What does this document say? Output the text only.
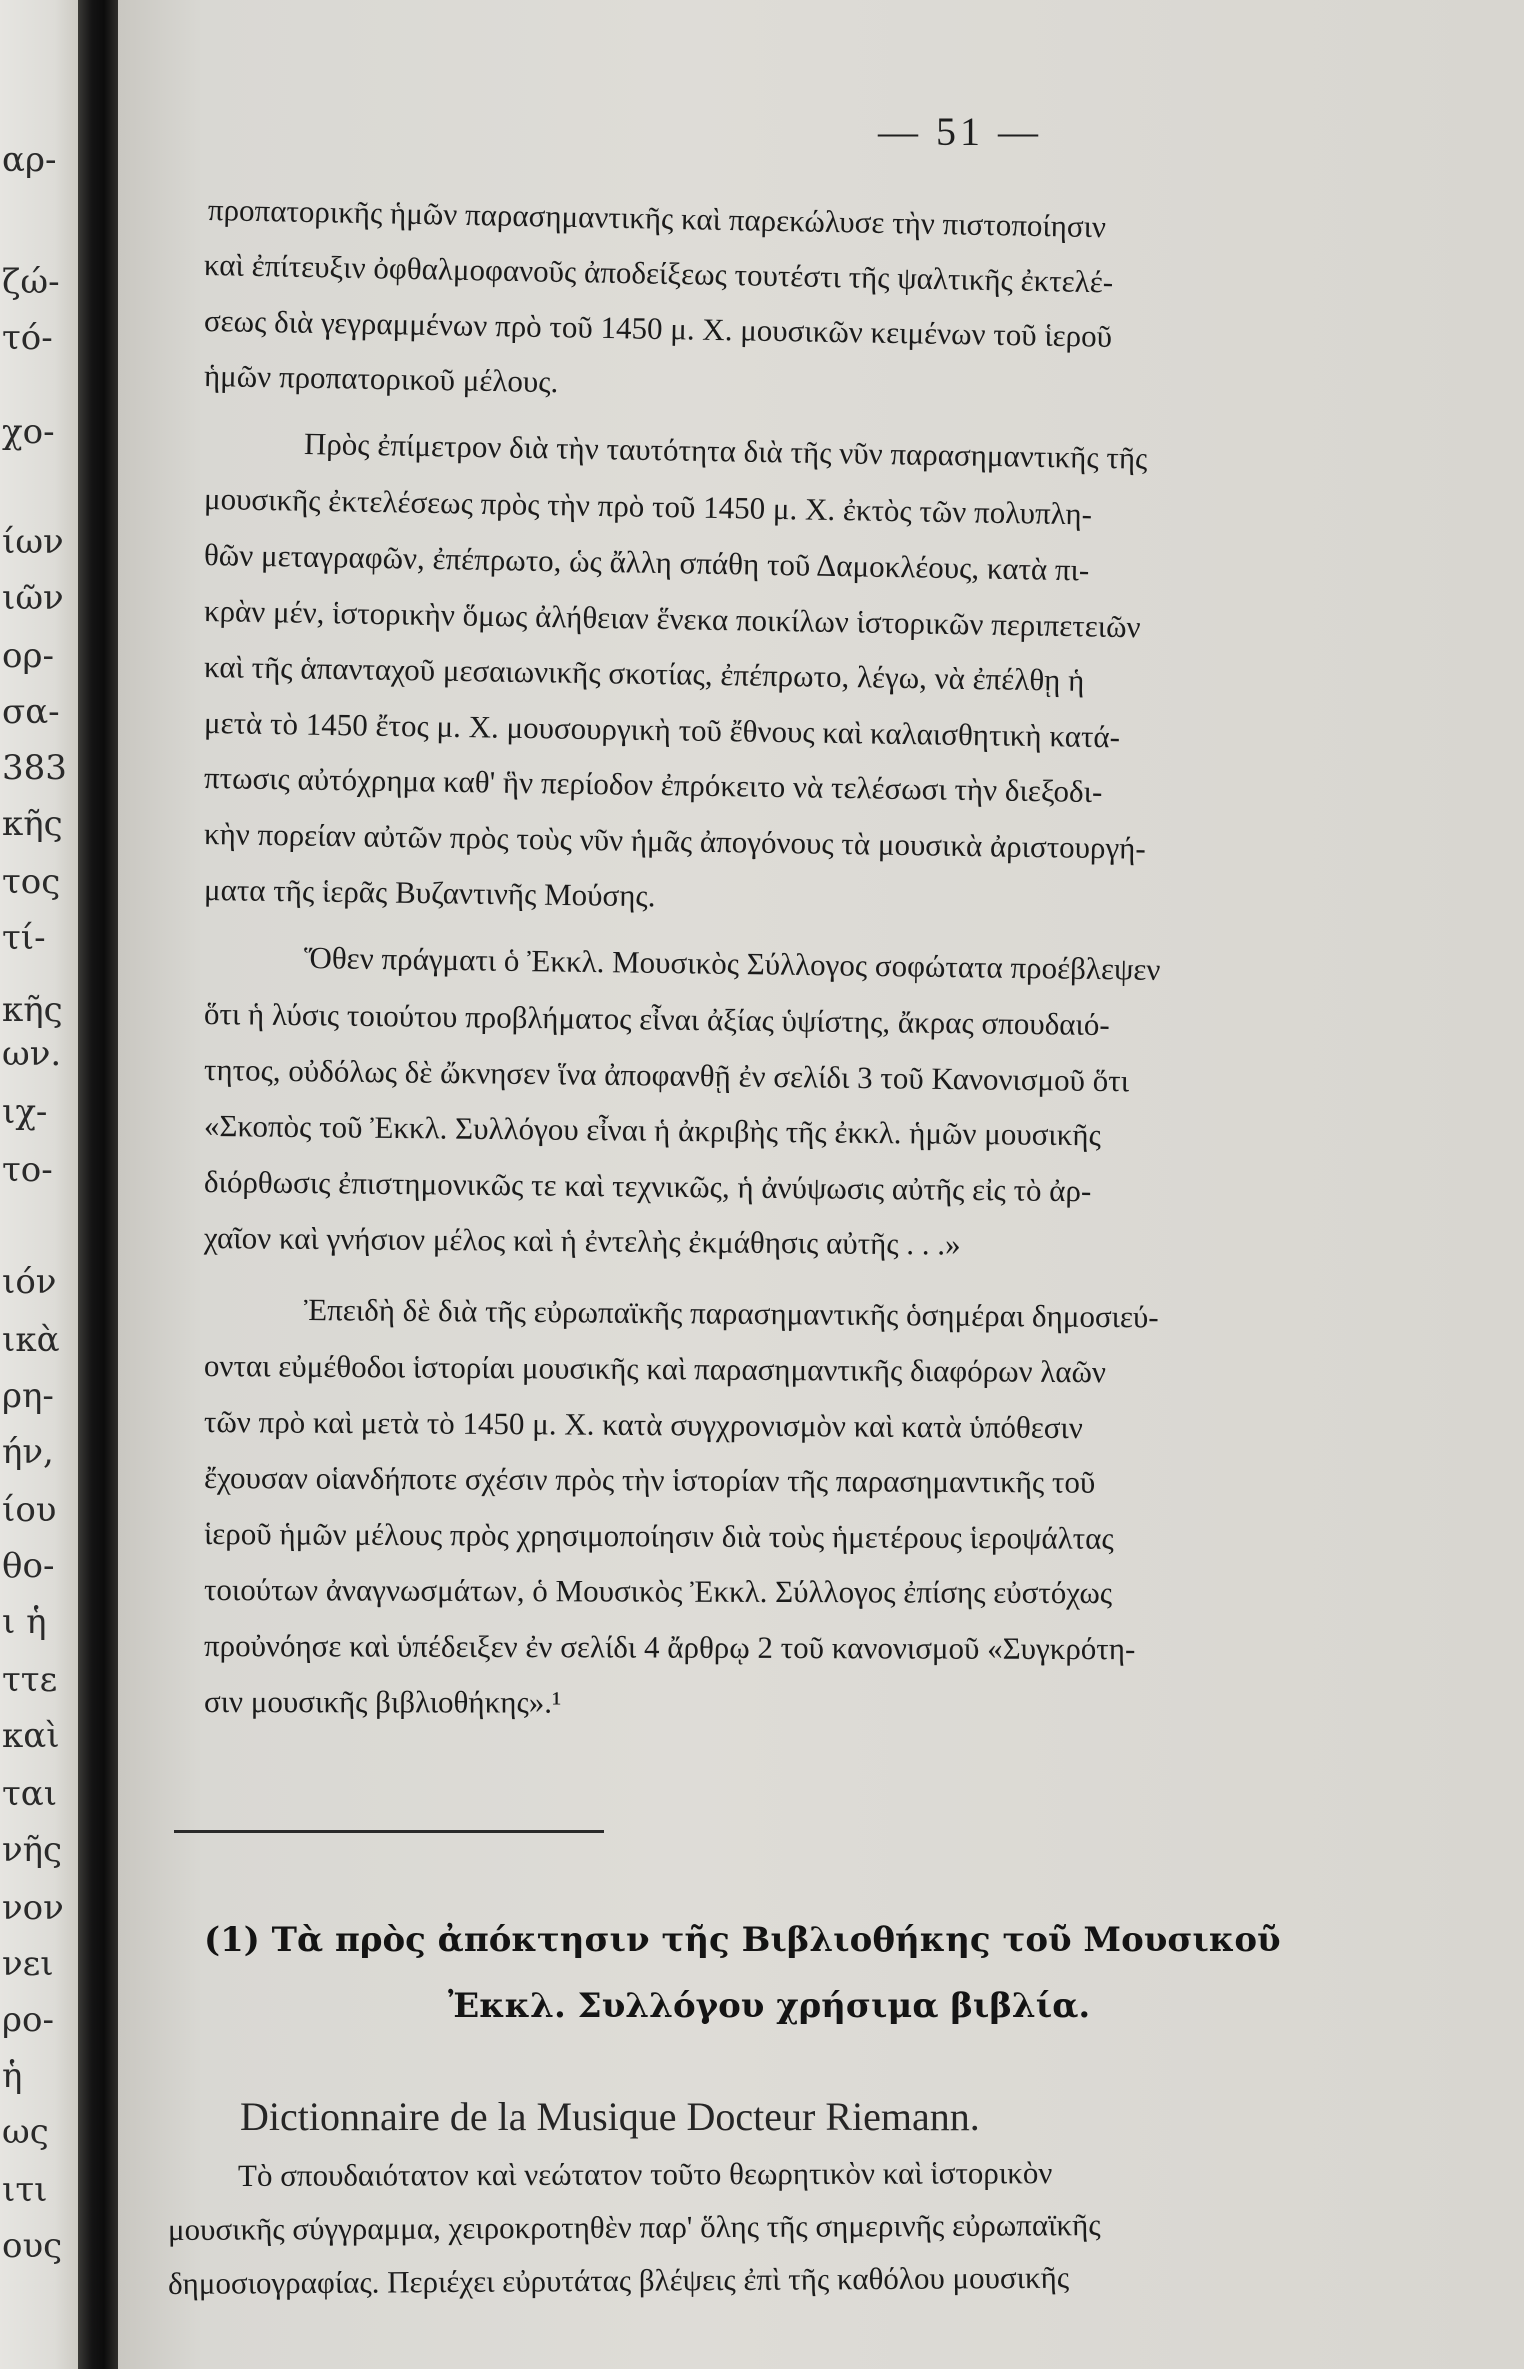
αρ-
ζώ-
τό-
χο-
ίων
ιῶν
ορ-
σα-
383
κῆς
τος
τί-
κῆς
ων.
ιχ-
το-
ιόν
ικὰ
ρη-
ήν,
ίου
θο-
ι ἡ
ττε
καὶ
ται
νῆς
νον
νει
ρο-
ἡ
ως
ιτι
ους
— 51 —
προπατορικῆς ἡμῶν παρασημαντικῆς καὶ παρεκώλυσε τὴν πιστοποίησιν
καὶ ἐπίτευξιν ὀφθαλμοφανοῦς ἀποδείξεως τουτέστι τῆς ψαλτικῆς ἐκτελέ-
σεως διὰ γεγραμμένων πρὸ τοῦ 1450 μ. Χ. μουσικῶν κειμένων τοῦ ἱεροῦ
ἡμῶν προπατορικοῦ μέλους.
Πρὸς ἐπίμετρον διὰ τὴν ταυτότητα διὰ τῆς νῦν παρασημαντικῆς τῆς
μουσικῆς ἐκτελέσεως πρὸς τὴν πρὸ τοῦ 1450 μ. Χ. ἐκτὸς τῶν πολυπλη-
θῶν μεταγραφῶν, ἐπέπρωτο, ὡς ἄλλη σπάθη τοῦ Δαμοκλέους, κατὰ πι-
κρὰν μέν, ἱστορικὴν ὅμως ἀλήθειαν ἕνεκα ποικίλων ἱστορικῶν περιπετειῶν
καὶ τῆς ἁπανταχοῦ μεσαιωνικῆς σκοτίας, ἐπέπρωτο, λέγω, νὰ ἐπέλθῃ ἡ
μετὰ τὸ 1450 ἔτος μ. Χ. μουσουργικὴ τοῦ ἔθνους καὶ καλαισθητικὴ κατά-
πτωσις αὐτόχρημα καθ' ἣν περίοδον ἐπρόκειτο νὰ τελέσωσι τὴν διεξοδι-
κὴν πορείαν αὐτῶν πρὸς τοὺς νῦν ἡμᾶς ἀπογόνους τὰ μουσικὰ ἀριστουργή-
ματα τῆς ἱερᾶς Βυζαντινῆς Μούσης.
Ὅθεν πράγματι ὁ Ἐκκλ. Μουσικὸς Σύλλογος σοφώτατα προέβλεψεν
ὅτι ἡ λύσις τοιούτου προβλήματος εἶναι ἀξίας ὑψίστης, ἄκρας σπουδαιό-
τητος, οὐδόλως δὲ ὤκνησεν ἵνα ἀποφανθῇ ἐν σελίδι 3 τοῦ Κανονισμοῦ ὅτι
«Σκοπὸς τοῦ Ἐκκλ. Συλλόγου εἶναι ἡ ἀκριβὴς τῆς ἐκκλ. ἡμῶν μουσικῆς
διόρθωσις ἐπιστημονικῶς τε καὶ τεχνικῶς, ἡ ἀνύψωσις αὐτῆς εἰς τὸ ἀρ-
χαῖον καὶ γνήσιον μέλος καὶ ἡ ἐντελὴς ἐκμάθησις αὐτῆς . . .»
Ἐπειδὴ δὲ διὰ τῆς εὐρωπαϊκῆς παρασημαντικῆς ὁσημέραι δημοσιεύ-
ονται εὐμέθοδοι ἱστορίαι μουσικῆς καὶ παρασημαντικῆς διαφόρων λαῶν
τῶν πρὸ καὶ μετὰ τὸ 1450 μ. Χ. κατὰ συγχρονισμὸν καὶ κατὰ ὑπόθεσιν
ἔχουσαν οἱανδήποτε σχέσιν πρὸς τὴν ἱστορίαν τῆς παρασημαντικῆς τοῦ
ἱεροῦ ἡμῶν μέλους πρὸς χρησιμοποίησιν διὰ τοὺς ἡμετέρους ἱεροψάλτας
τοιούτων ἀναγνωσμάτων, ὁ Μουσικὸς Ἐκκλ. Σύλλογος ἐπίσης εὐστόχως
προὐνόησε καὶ ὑπέδειξεν ἐν σελίδι 4 ἄρθρῳ 2 τοῦ κανονισμοῦ «Συγκρότη-
σιν μουσικῆς βιβλιοθήκης».¹
(1) Τὰ πρὸς ἀπόκτησιν τῆς Βιβλιοθήκης τοῦ Μουσικοῦ
Ἐκκλ. Συλλόγου χρήσιμα βιβλία.
Dictionnaire de la Musique Docteur Riemann.
Τὸ σπουδαιότατον καὶ νεώτατον τοῦτο θεωρητικὸν καὶ ἱστορικὸν
μουσικῆς σύγγραμμα, χειροκροτηθὲν παρ' ὅλης τῆς σημερινῆς εὐρωπαϊκῆς
δημοσιογραφίας. Περιέχει εὐρυτάτας βλέψεις ἐπὶ τῆς καθόλου μουσικῆς
